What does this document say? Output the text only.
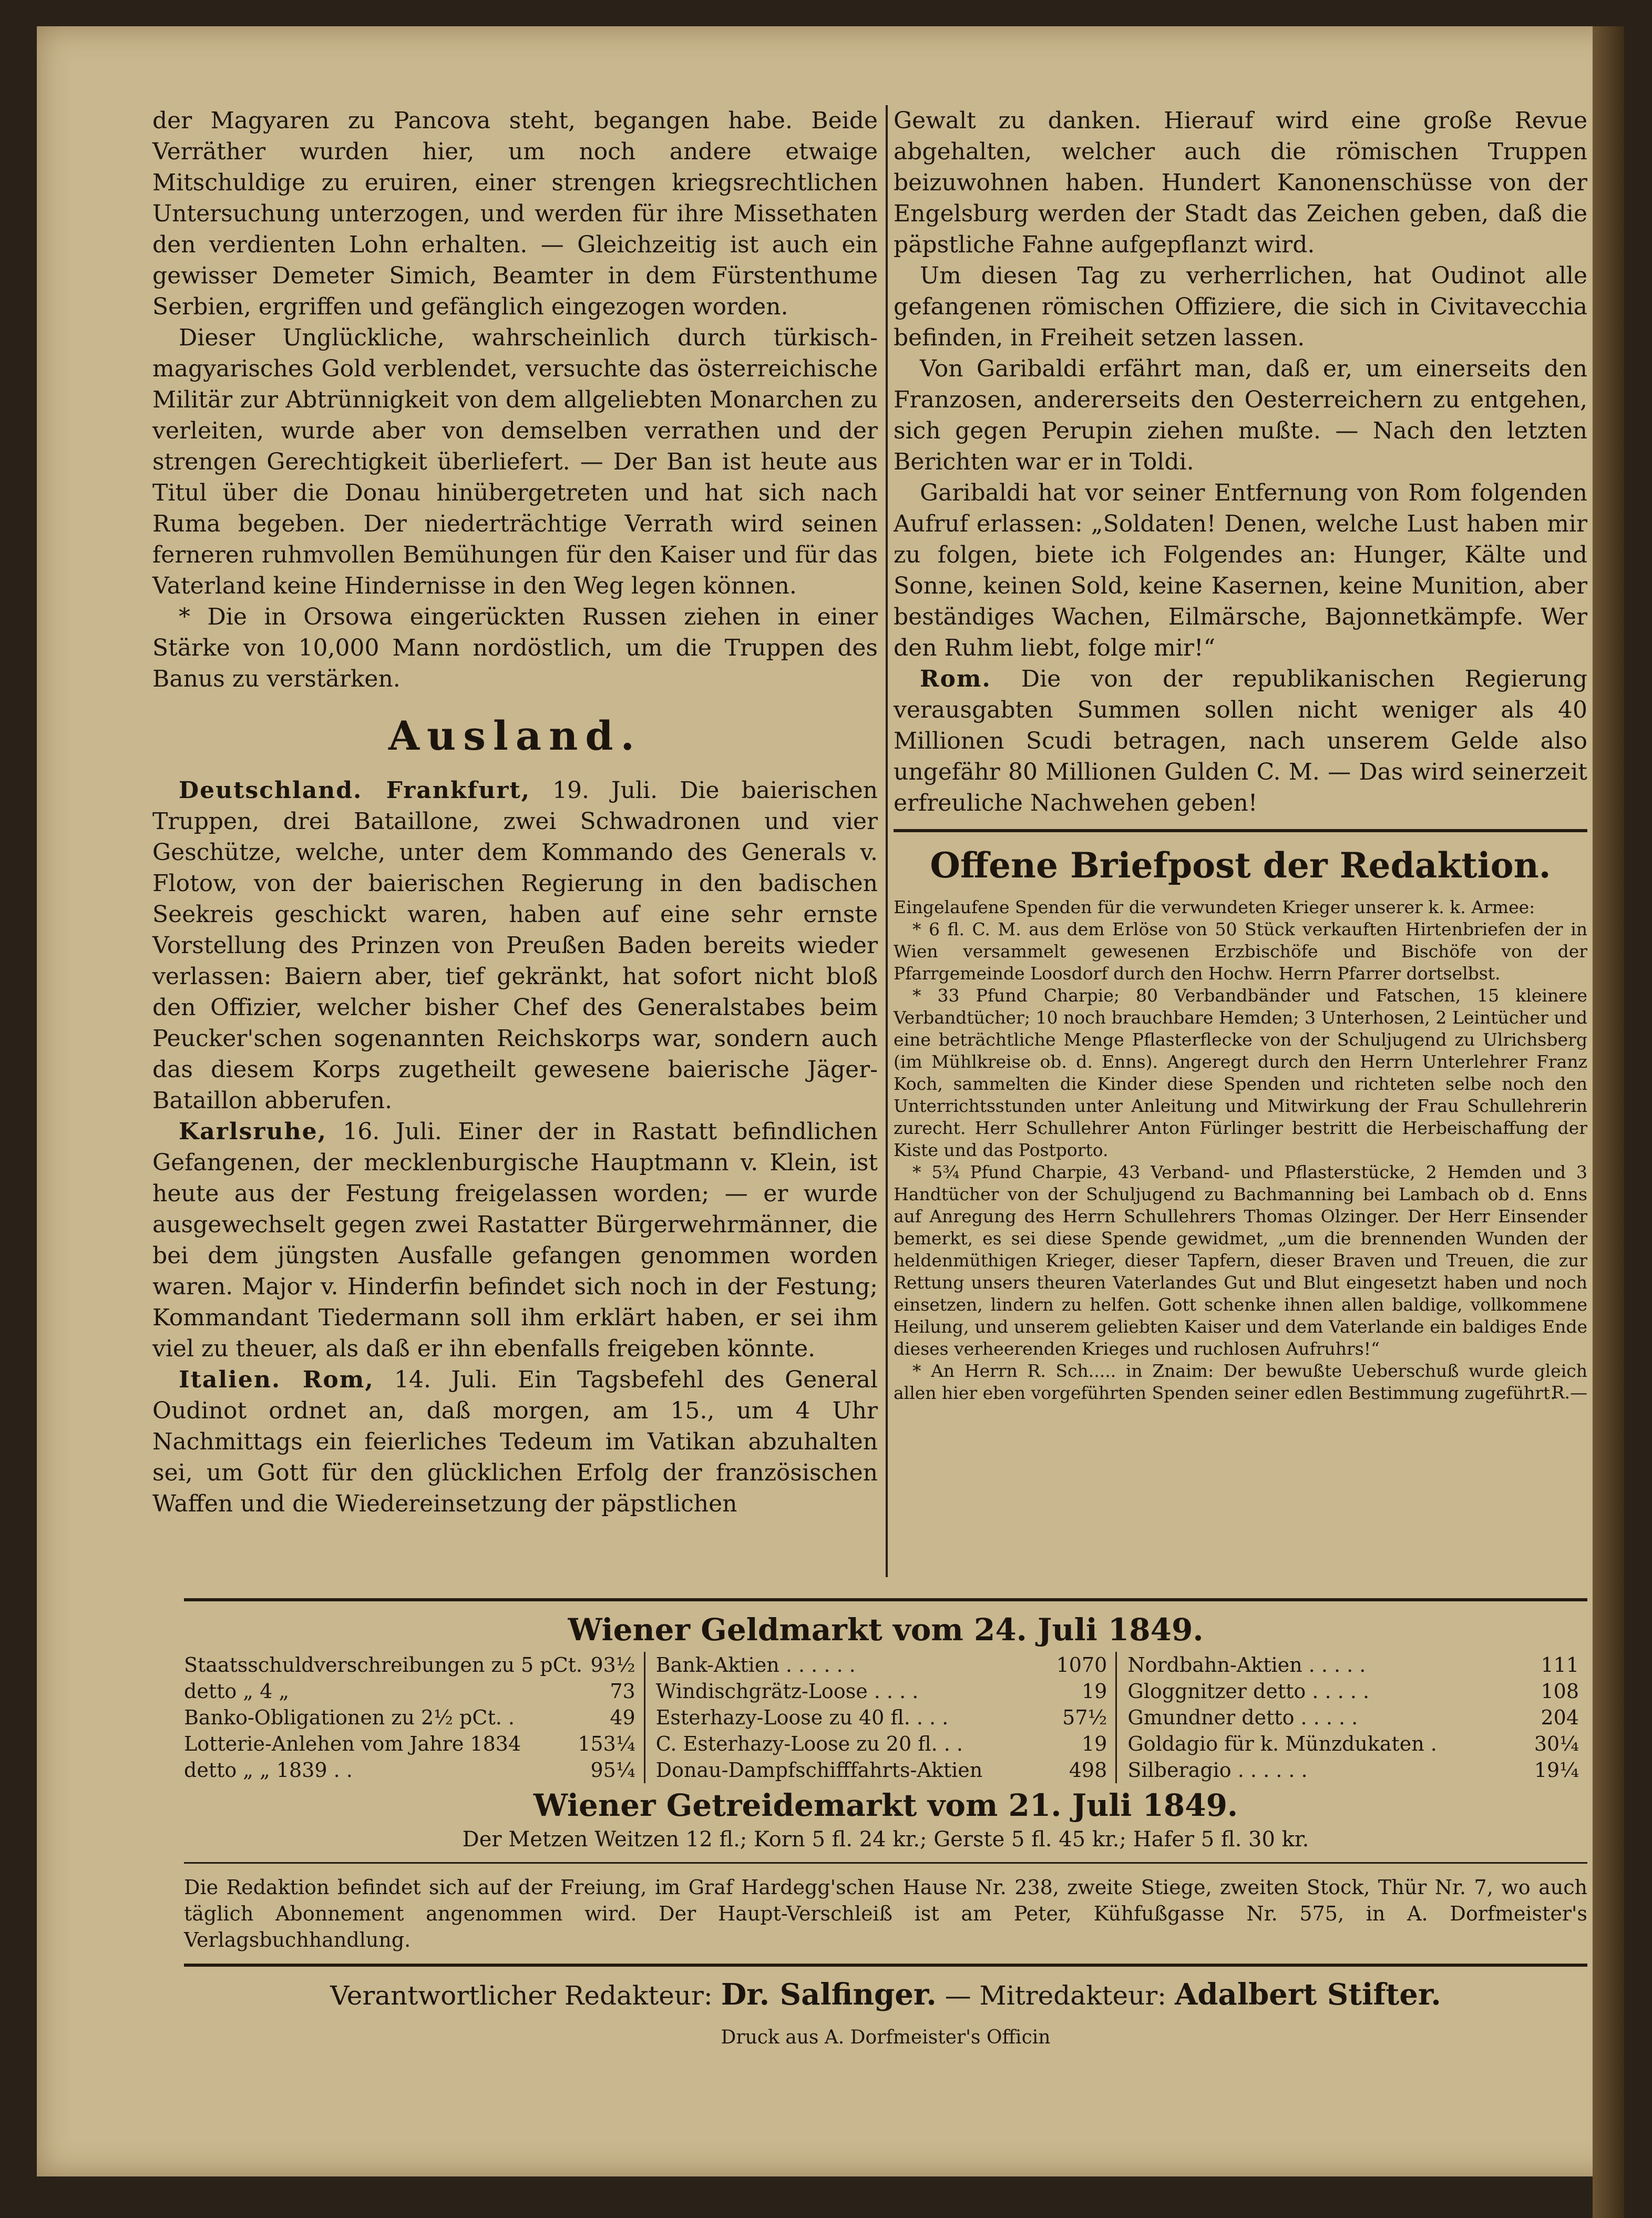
der Magyaren zu Pancova steht, begangen habe. Beide Verräther wurden hier, um noch andere etwaige Mitschuldige zu eruiren, einer strengen kriegsrechtlichen Untersuchung unterzogen, und werden für ihre Missethaten den verdienten Lohn erhalten. — Gleichzeitig ist auch ein gewisser Demeter Simich, Beamter in dem Fürstenthume Serbien, ergriffen und gefänglich eingezogen worden.

Dieser Unglückliche, wahrscheinlich durch türkisch-magyarisches Gold verblendet, versuchte das österreichische Militär zur Abtrünnigkeit von dem allgeliebten Monarchen zu verleiten, wurde aber von demselben verrathen und der strengen Gerechtigkeit überliefert. — Der Ban ist heute aus Titul über die Donau hinübergetreten und hat sich nach Ruma begeben. Der niederträchtige Verrath wird seinen ferneren ruhmvollen Bemühungen für den Kaiser und für das Vaterland keine Hindernisse in den Weg legen können.

* Die in Orsowa eingerückten Russen ziehen in einer Stärke von 10,000 Mann nordöstlich, um die Truppen des Banus zu verstärken.

Ausland.

Deutschland. Frankfurt, 19. Juli. Die baierischen Truppen, drei Bataillone, zwei Schwadronen und vier Geschütze, welche, unter dem Kommando des Generals v. Flotow, von der baierischen Regierung in den badischen Seekreis geschickt waren, haben auf eine sehr ernste Vorstellung des Prinzen von Preußen Baden bereits wieder verlassen: Baiern aber, tief gekränkt, hat sofort nicht bloß den Offizier, welcher bisher Chef des Generalstabes beim Peucker'schen sogenannten Reichskorps war, sondern auch das diesem Korps zugetheilt gewesene baierische Jäger-Bataillon abberufen.

Karlsruhe, 16. Juli. Einer der in Rastatt befindlichen Gefangenen, der mecklenburgische Hauptmann v. Klein, ist heute aus der Festung freigelassen worden; — er wurde ausgewechselt gegen zwei Rastatter Bürgerwehrmänner, die bei dem jüngsten Ausfalle gefangen genommen worden waren. Major v. Hinderfin befindet sich noch in der Festung; Kommandant Tiedermann soll ihm erklärt haben, er sei ihm viel zu theuer, als daß er ihn ebenfalls freigeben könnte.

Italien. Rom, 14. Juli. Ein Tagsbefehl des General Oudinot ordnet an, daß morgen, am 15., um 4 Uhr Nachmittags ein feierliches Tedeum im Vatikan abzuhalten sei, um Gott für den glücklichen Erfolg der französischen Waffen und die Wiedereinsetzung der päpstlichen

Gewalt zu danken. Hierauf wird eine große Revue abgehalten, welcher auch die römischen Truppen beizuwohnen haben. Hundert Kanonenschüsse von der Engelsburg werden der Stadt das Zeichen geben, daß die päpstliche Fahne aufgepflanzt wird.

Um diesen Tag zu verherrlichen, hat Oudinot alle gefangenen römischen Offiziere, die sich in Civitavecchia befinden, in Freiheit setzen lassen.

Von Garibaldi erfährt man, daß er, um einerseits den Franzosen, andererseits den Oesterreichern zu entgehen, sich gegen Perupin ziehen mußte. — Nach den letzten Berichten war er in Toldi.

Garibaldi hat vor seiner Entfernung von Rom folgenden Aufruf erlassen: „Soldaten! Denen, welche Lust haben mir zu folgen, biete ich Folgendes an: Hunger, Kälte und Sonne, keinen Sold, keine Kasernen, keine Munition, aber beständiges Wachen, Eilmärsche, Bajonnetkämpfe. Wer den Ruhm liebt, folge mir!“

Rom. Die von der republikanischen Regierung verausgabten Summen sollen nicht weniger als 40 Millionen Scudi betragen, nach unserem Gelde also ungefähr 80 Millionen Gulden C. M. — Das wird seinerzeit erfreuliche Nachwehen geben!

Offene Briefpost der Redaktion.

Eingelaufene Spenden für die verwundeten Krieger unserer k. k. Armee:

* 6 fl. C. M. aus dem Erlöse von 50 Stück verkauften Hirtenbriefen der in Wien versammelt gewesenen Erzbischöfe und Bischöfe von der Pfarrgemeinde Loosdorf durch den Hochw. Herrn Pfarrer dortselbst.

* 33 Pfund Charpie; 80 Verbandbänder und Fatschen, 15 kleinere Verbandtücher; 10 noch brauchbare Hemden; 3 Unterhosen, 2 Leintücher und eine beträchtliche Menge Pflasterflecke von der Schuljugend zu Ulrichsberg (im Mühlkreise ob. d. Enns). Angeregt durch den Herrn Unterlehrer Franz Koch, sammelten die Kinder diese Spenden und richteten selbe noch den Unterrichtsstunden unter Anleitung und Mitwirkung der Frau Schullehrerin zurecht. Herr Schullehrer Anton Fürlinger bestritt die Herbeischaffung der Kiste und das Postporto.

* 5¾ Pfund Charpie, 43 Verband- und Pflasterstücke, 2 Hemden und 3 Handtücher von der Schuljugend zu Bachmanning bei Lambach ob d. Enns auf Anregung des Herrn Schullehrers Thomas Olzinger. Der Herr Einsender bemerkt, es sei diese Spende gewidmet, „um die brennenden Wunden der heldenmüthigen Krieger, dieser Tapfern, dieser Braven und Treuen, die zur Rettung unsers theuren Vaterlandes Gut und Blut eingesetzt haben und noch einsetzen, lindern zu helfen. Gott schenke ihnen allen baldige, vollkommene Heilung, und unserem geliebten Kaiser und dem Vaterlande ein baldiges Ende dieses verheerenden Krieges und ruchlosen Aufruhrs!“

* An Herrn R. Sch..... in Znaim: Der bewußte Ueberschuß wurde gleich allen hier eben vorgeführten Spenden seiner edlen Bestimmung zugeführt.

R.—
Wiener Geldmarkt vom 24. Juli 1849.
Staatsschuldverschreibungen zu 5 pCt. 93½
detto „ 4 „	73
Banko-Obligationen zu 2½ pCt. .	49
Lotterie-Anlehen vom Jahre 1834	153¼
detto „ „ 1839 . .	95¼
Bank-Aktien . . . . . .	1070
Windischgrätz-Loose . . . .	19
Esterhazy-Loose zu 40 fl. . . .	57½
C. Esterhazy-Loose zu 20 fl. . .	19
Donau-Dampfschifffahrts-Aktien	498
Nordbahn-Aktien . . . . .	111
Gloggnitzer detto . . . . .	108
Gmundner detto . . . . .	204
Goldagio für k. Münzdukaten .	30¼
Silberagio . . . . . .	19¼
Wiener Getreidemarkt vom 21. Juli 1849.
Der Metzen Weitzen 12 fl.; Korn 5 fl. 24 kr.; Gerste 5 fl. 45 kr.; Hafer 5 fl. 30 kr.
Die Redaktion befindet sich auf der Freiung, im Graf Hardegg'schen Hause Nr. 238, zweite Stiege, zweiten Stock, Thür Nr. 7, wo auch täglich Abonnement angenommen wird. Der Haupt-Verschleiß ist am Peter, Kühfußgasse Nr. 575, in A. Dorfmeister's Verlagsbuchhandlung.
Verantwortlicher Redakteur: Dr. Salfinger. — Mitredakteur: Adalbert Stifter.
Druck aus A. Dorfmeister's Officin
